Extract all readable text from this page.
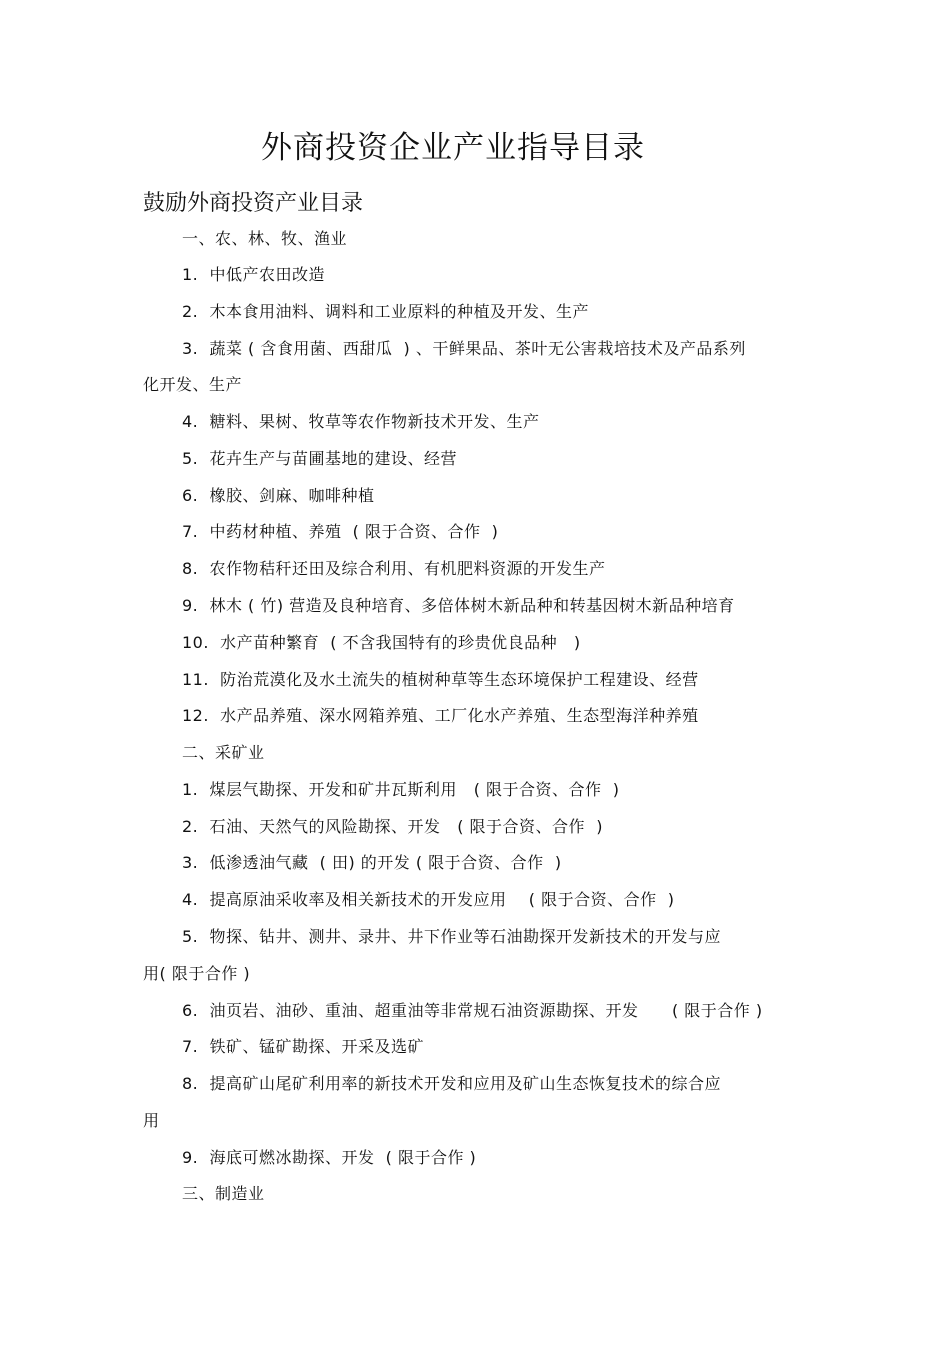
外商投资企业产业指导目录
鼓励外商投资产业目录
一、农、林、牧、渔业
1.  中低产农田改造
2.  木本食用油料、调料和工业原料的种植及开发、生产
3.  蔬菜 ( 含食用菌、西甜瓜  ) 、干鲜果品、茶叶无公害栽培技术及产品系列
化开发、生产
4.  糖料、果树、牧草等农作物新技术开发、生产
5.  花卉生产与苗圃基地的建设、经营
6.  橡胶、剑麻、咖啡种植
7.  中药材种植、养殖  ( 限于合资、合作  )
8.  农作物秸秆还田及综合利用、有机肥料资源的开发生产
9.  林木 ( 竹) 营造及良种培育、多倍体树木新品种和转基因树木新品种培育
10.  水产苗种繁育  ( 不含我国特有的珍贵优良品种   )
11.  防治荒漠化及水土流失的植树种草等生态环境保护工程建设、经营
12.  水产品养殖、深水网箱养殖、工厂化水产养殖、生态型海洋种养殖
二、采矿业
1.  煤层气勘探、开发和矿井瓦斯利用   ( 限于合资、合作  )
2.  石油、天然气的风险勘探、开发   ( 限于合资、合作  )
3.  低渗透油气藏  ( 田) 的开发 ( 限于合资、合作  )
4.  提高原油采收率及相关新技术的开发应用    ( 限于合资、合作  )
5.  物探、钻井、测井、录井、井下作业等石油勘探开发新技术的开发与应
用( 限于合作 )
6.  油页岩、油砂、重油、超重油等非常规石油资源勘探、开发      ( 限于合作 )
7.  铁矿、锰矿勘探、开采及选矿
8.  提高矿山尾矿利用率的新技术开发和应用及矿山生态恢复技术的综合应
用
9.  海底可燃冰勘探、开发  ( 限于合作 )
三、制造业
